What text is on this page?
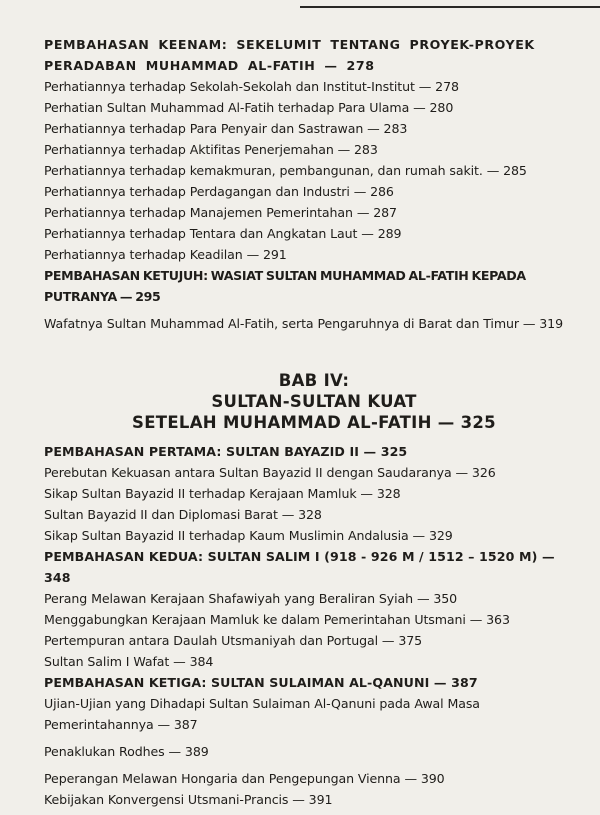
PEMBAHASAN KEENAM: SEKELUMIT TENTANG PROYEK-PROYEK PERADABAN MUHAMMAD AL-FATIH — 278
Perhatiannya terhadap Sekolah-Sekolah dan Institut-Institut — 278
Perhatian Sultan Muhammad Al-Fatih terhadap Para Ulama — 280
Perhatiannya terhadap Para Penyair dan Sastrawan — 283
Perhatiannya terhadap Aktifitas Penerjemahan — 283
Perhatiannya terhadap kemakmuran, pembangunan, dan rumah sakit. — 285
Perhatiannya terhadap Perdagangan dan Industri — 286
Perhatiannya terhadap Manajemen Pemerintahan — 287
Perhatiannya terhadap Tentara dan Angkatan Laut — 289
Perhatiannya terhadap Keadilan — 291
PEMBAHASAN KETUJUH: WASIAT SULTAN MUHAMMAD AL-FATIH KEPADA PUTRANYA — 295
Wafatnya Sultan Muhammad Al-Fatih, serta Pengaruhnya di Barat dan Timur — 319
BAB IV:
SULTAN-SULTAN KUAT
SETELAH MUHAMMAD AL-FATIH — 325
PEMBAHASAN PERTAMA: SULTAN BAYAZID II — 325
Perebutan Kekuasan antara Sultan Bayazid II dengan Saudaranya — 326
Sikap Sultan Bayazid II terhadap Kerajaan Mamluk — 328
Sultan Bayazid II dan Diplomasi Barat — 328
Sikap Sultan Bayazid II terhadap Kaum Muslimin Andalusia — 329
PEMBAHASAN KEDUA: SULTAN SALIM I (918 - 926 M / 1512 – 1520 M) — 348
Perang Melawan Kerajaan Shafawiyah yang Beraliran Syiah — 350
Menggabungkan Kerajaan Mamluk ke dalam Pemerintahan Utsmani — 363
Pertempuran antara Daulah Utsmaniyah dan Portugal — 375
Sultan Salim I Wafat — 384
PEMBAHASAN KETIGA: SULTAN SULAIMAN AL-QANUNI — 387
Ujian-Ujian yang Dihadapi Sultan Sulaiman Al-Qanuni pada Awal Masa Pemerintahannya — 387
Penaklukan Rodhes — 389
Peperangan Melawan Hongaria dan Pengepungan Vienna — 390
Kebijakan Konvergensi Utsmani-Prancis — 391
